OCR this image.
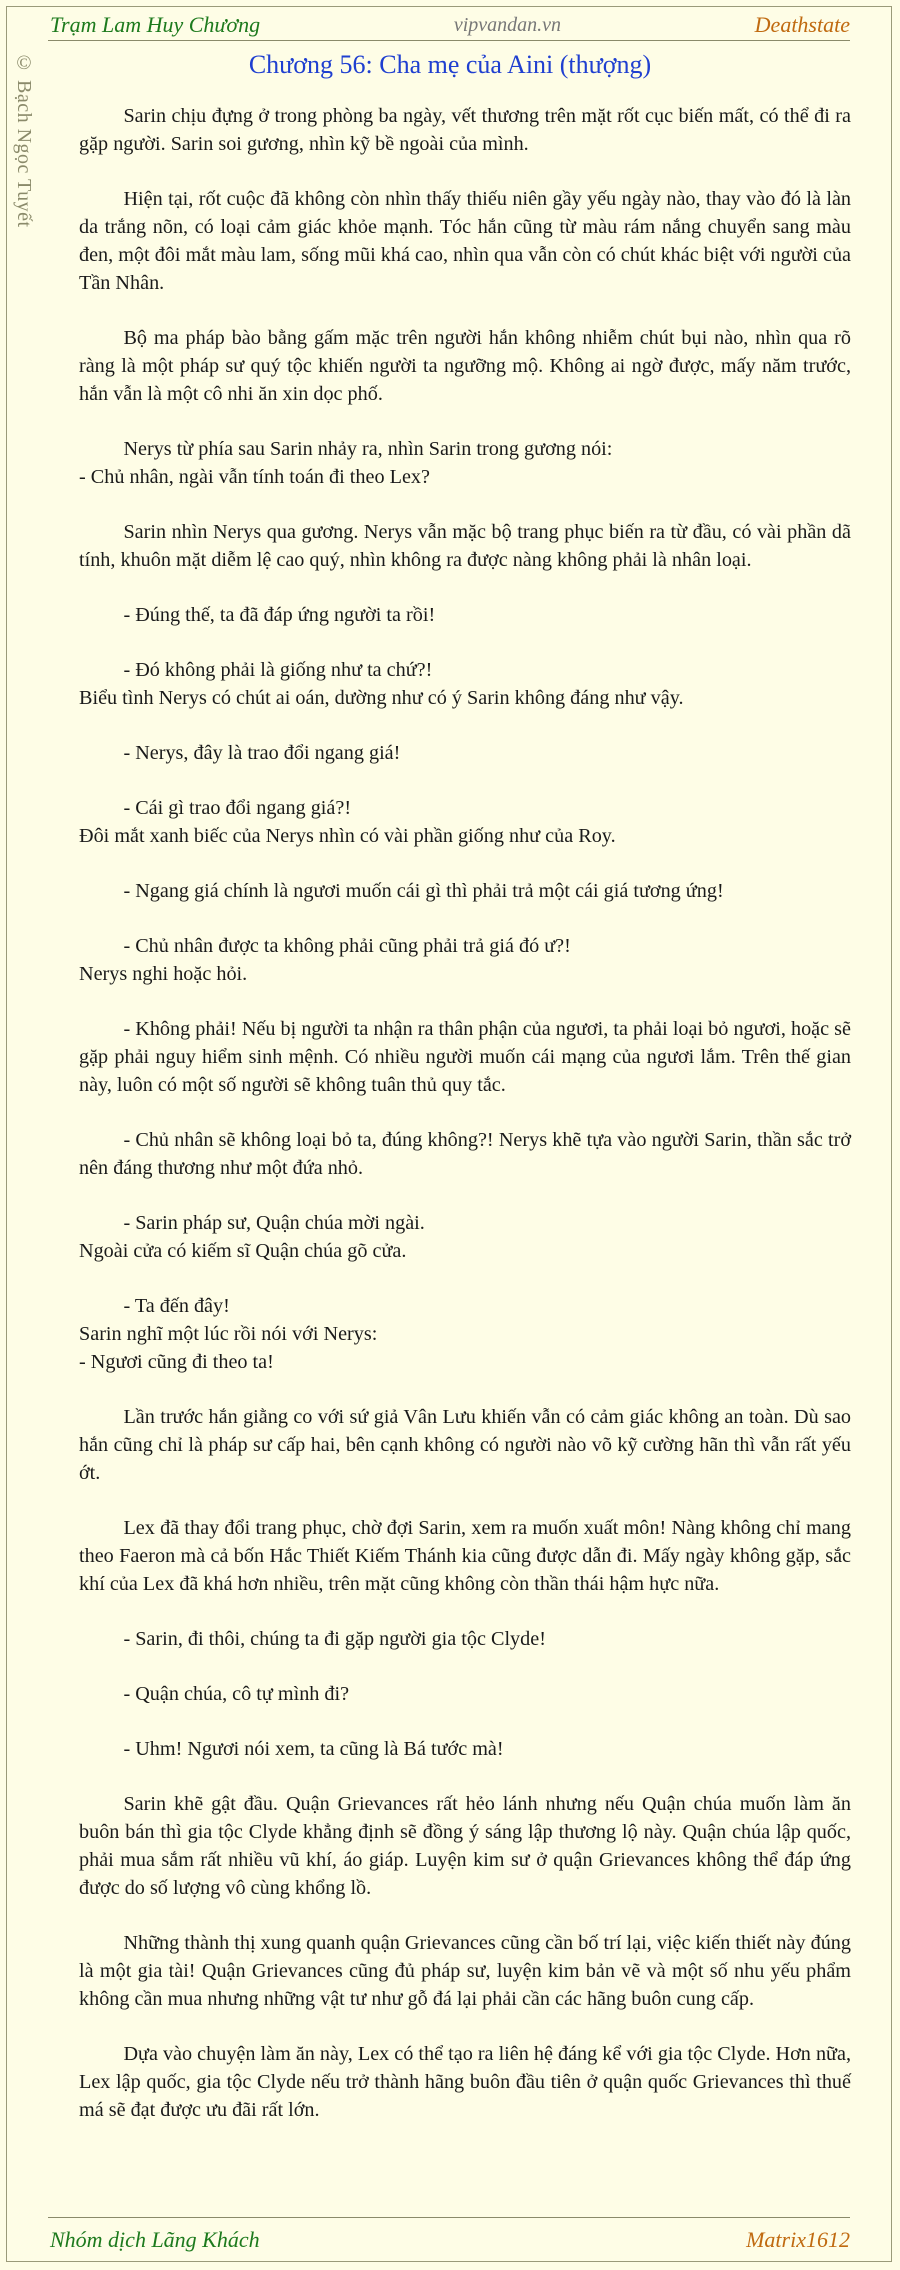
Trạm Lam Huy Chương	vipvandan.vn	Deathstate
© Bạch Ngọc Tuyết	Chương 56: Cha mẹ của Aini (thượng)

Sarin chịu đựng ở trong phòng ba ngày, vết thương trên mặt rốt cục biến mất, có thể đi ra gặp người. Sarin soi gương, nhìn kỹ bề ngoài của mình.

Hiện tại, rốt cuộc đã không còn nhìn thấy thiếu niên gầy yếu ngày nào, thay vào đó là làn da trắng nõn, có loại cảm giác khỏe mạnh. Tóc hắn cũng từ màu rám nắng chuyển sang màu đen, một đôi mắt màu lam, sống mũi khá cao, nhìn qua vẫn còn có chút khác biệt với người của Tần Nhân.

Bộ ma pháp bào bằng gấm mặc trên người hắn không nhiễm chút bụi nào, nhìn qua rõ ràng là một pháp sư quý tộc khiến người ta ngưỡng mộ. Không ai ngờ được, mấy năm trước, hắn vẫn là một cô nhi ăn xin dọc phố.

Nerys từ phía sau Sarin nhảy ra, nhìn Sarin trong gương nói:
- Chủ nhân, ngài vẫn tính toán đi theo Lex?

Sarin nhìn Nerys qua gương. Nerys vẫn mặc bộ trang phục biến ra từ đầu, có vài phần dã tính, khuôn mặt diễm lệ cao quý, nhìn không ra được nàng không phải là nhân loại.

- Đúng thế, ta đã đáp ứng người ta rồi!

- Đó không phải là giống như ta chứ?!
Biểu tình Nerys có chút ai oán, dường như có ý Sarin không đáng như vậy.

- Nerys, đây là trao đổi ngang giá!

- Cái gì trao đổi ngang giá?!
Đôi mắt xanh biếc của Nerys nhìn có vài phần giống như của Roy.

- Ngang giá chính là ngươi muốn cái gì thì phải trả một cái giá tương ứng!

- Chủ nhân được ta không phải cũng phải trả giá đó ư?!
Nerys nghi hoặc hỏi.

- Không phải! Nếu bị người ta nhận ra thân phận của ngươi, ta phải loại bỏ ngươi, hoặc sẽ gặp phải nguy hiểm sinh mệnh. Có nhiều người muốn cái mạng của ngươi lắm. Trên thế gian này, luôn có một số người sẽ không tuân thủ quy tắc.

- Chủ nhân sẽ không loại bỏ ta, đúng không?! Nerys khẽ tựa vào người Sarin, thần sắc trở nên đáng thương như một đứa nhỏ.

- Sarin pháp sư, Quận chúa mời ngài.
Ngoài cửa có kiếm sĩ Quận chúa gõ cửa.

- Ta đến đây!
Sarin nghĩ một lúc rồi nói với Nerys:
- Ngươi cũng đi theo ta!

Lần trước hắn giằng co với sứ giả Vân Lưu khiến vẫn có cảm giác không an toàn. Dù sao hắn cũng chỉ là pháp sư cấp hai, bên cạnh không có người nào võ kỹ cường hãn thì vẫn rất yếu ớt.

Lex đã thay đổi trang phục, chờ đợi Sarin, xem ra muốn xuất môn! Nàng không chỉ mang theo Faeron mà cả bốn Hắc Thiết Kiếm Thánh kia cũng được dẫn đi. Mấy ngày không gặp, sắc khí của Lex đã khá hơn nhiều, trên mặt cũng không còn thần thái hậm hực nữa.

- Sarin, đi thôi, chúng ta đi gặp người gia tộc Clyde!

- Quận chúa, cô tự mình đi?

- Uhm! Ngươi nói xem, ta cũng là Bá tước mà!

Sarin khẽ gật đầu. Quận Grievances rất hẻo lánh nhưng nếu Quận chúa muốn làm ăn buôn bán thì gia tộc Clyde khẳng định sẽ đồng ý sáng lập thương lộ này. Quận chúa lập quốc, phải mua sắm rất nhiều vũ khí, áo giáp. Luyện kim sư ở quận Grievances không thể đáp ứng được do số lượng vô cùng khổng lồ.

Những thành thị xung quanh quận Grievances cũng cần bố trí lại, việc kiến thiết này đúng là một gia tài! Quận Grievances cũng đủ pháp sư, luyện kim bản vẽ và một số nhu yếu phẩm không cần mua nhưng những vật tư như gỗ đá lại phải cần các hãng buôn cung cấp.

Dựa vào chuyện làm ăn này, Lex có thể tạo ra liên hệ đáng kể với gia tộc Clyde. Hơn nữa, Lex lập quốc, gia tộc Clyde nếu trở thành hãng buôn đầu tiên ở quận quốc Grievances thì thuế má sẽ đạt được ưu đãi rất lớn.

Nhóm dịch Lãng Khách	Matrix1612
